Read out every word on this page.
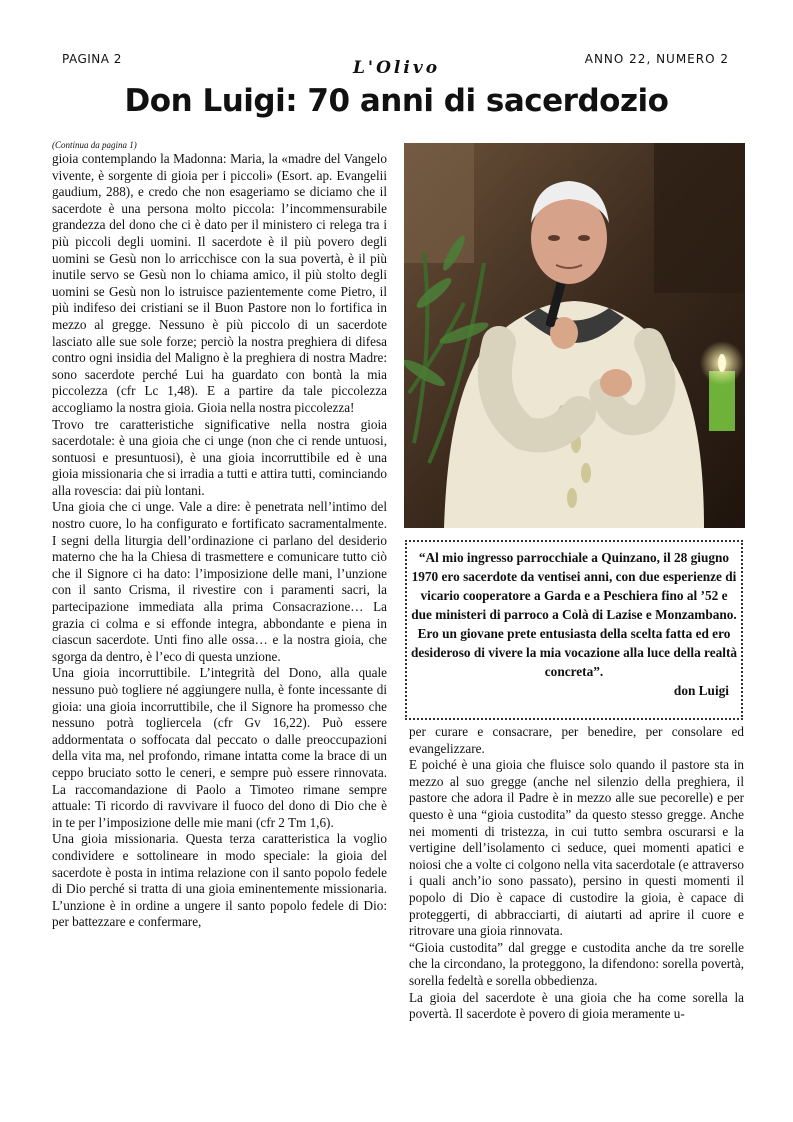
PAGINA 2	L'Olivo	ANNO 22, NUMERO 2
Don Luigi: 70 anni di sacerdozio
(Continua da pagina 1)

gioia contemplando la Madonna: Maria, la «madre del Vangelo vivente, è sorgente di gioia per i piccoli» (Esort. ap. Evangelii gaudium, 288), e credo che non esageriamo se diciamo che il sacerdote è una persona molto piccola: l’incommensurabile grandezza del dono che ci è dato per il ministero ci relega tra i più piccoli degli uomini. Il sacerdote è il più povero degli uomini se Gesù non lo arricchisce con la sua povertà, è il più inutile servo se Gesù non lo chiama amico, il più stolto degli uomini se Gesù non lo istruisce pazientemente come Pietro, il più indifeso dei cristiani se il Buon Pastore non lo fortifica in mezzo al gregge. Nessuno è più piccolo di un sacerdote lasciato alle sue sole forze; perciò la nostra preghiera di difesa contro ogni insidia del Maligno è la preghiera di nostra Madre: sono sacerdote perché Lui ha guardato con bontà la mia piccolezza (cfr Lc 1,48). E a partire da tale piccolezza accogliamo la nostra gioia. Gioia nella nostra piccolezza!

Trovo tre caratteristiche significative nella nostra gioia sacerdotale: è una gioia che ci unge (non che ci rende untuosi, sontuosi e presuntuosi), è una gioia incorruttibile ed è una gioia missionaria che si irradia a tutti e attira tutti, cominciando alla rovescia: dai più lontani.

Una gioia che ci unge. Vale a dire: è penetrata nell’intimo del nostro cuore, lo ha configurato e fortificato sacramentalmente. I segni della liturgia dell’ordinazione ci parlano del desiderio materno che ha la Chiesa di trasmettere e comunicare tutto ciò che il Signore ci ha dato: l’imposizione delle mani, l’unzione con il santo Crisma, il rivestire con i paramenti sacri, la partecipazione immediata alla prima Consacrazione… La grazia ci colma e si effonde integra, abbondante e piena in ciascun sacerdote. Unti fino alle ossa… e la nostra gioia, che sgorga da dentro, è l’eco di questa unzione.

Una gioia incorruttibile. L’integrità del Dono, alla quale nessuno può togliere né aggiungere nulla, è fonte incessante di gioia: una gioia incorruttibile, che il Signore ha promesso che nessuno potrà togliercela (cfr Gv 16,22). Può essere addormentata o soffocata dal peccato o dalle preoccupazioni della vita ma, nel profondo, rimane intatta come la brace di un ceppo bruciato sotto le ceneri, e sempre può essere rinnovata. La raccomandazione di Paolo a Timoteo rimane sempre attuale: Ti ricordo di ravvivare il fuoco del dono di Dio che è in te per l’imposizione delle mie mani (cfr 2 Tm 1,6).

Una gioia missionaria. Questa terza caratteristica la voglio condividere e sottolineare in modo speciale: la gioia del sacerdote è posta in intima relazione con il santo popolo fedele di Dio perché si tratta di una gioia eminentemente missionaria. L’unzione è in ordine a ungere il santo popolo fedele di Dio: per battezzare e confermare,

“Al mio ingresso parrocchiale a Quinzano, il 28 giugno 1970 ero sacerdote da ventisei anni, con due esperienze di vicario cooperatore a Garda e a Peschiera fino al ’52 e due ministeri di parroco a Colà di Lazise e Monzambano. Ero un giovane prete entusiasta della scelta fatta ed ero desideroso di vivere la mia vocazione alla luce della realtà concreta”.

don Luigi

per curare e consacrare, per benedire, per consolare ed evangelizzare.

E poiché è una gioia che fluisce solo quando il pastore sta in mezzo al suo gregge (anche nel silenzio della preghiera, il pastore che adora il Padre è in mezzo alle sue pecorelle) e per questo è una “gioia custodita” da questo stesso gregge. Anche nei momenti di tristezza, in cui tutto sembra oscurarsi e la vertigine dell’isolamento ci seduce, quei momenti apatici e noiosi che a volte ci colgono nella vita sacerdotale (e attraverso i quali anch’io sono passato), persino in questi momenti il popolo di Dio è capace di custodire la gioia, è capace di proteggerti, di abbracciarti, di aiutarti ad aprire il cuore e ritrovare una gioia rinnovata.

“Gioia custodita” dal gregge e custodita anche da tre sorelle che la circondano, la proteggono, la difendono: sorella povertà, sorella fedeltà e sorella obbedienza.

La gioia del sacerdote è una gioia che ha come sorella la povertà. Il sacerdote è povero di gioia meramente u-
